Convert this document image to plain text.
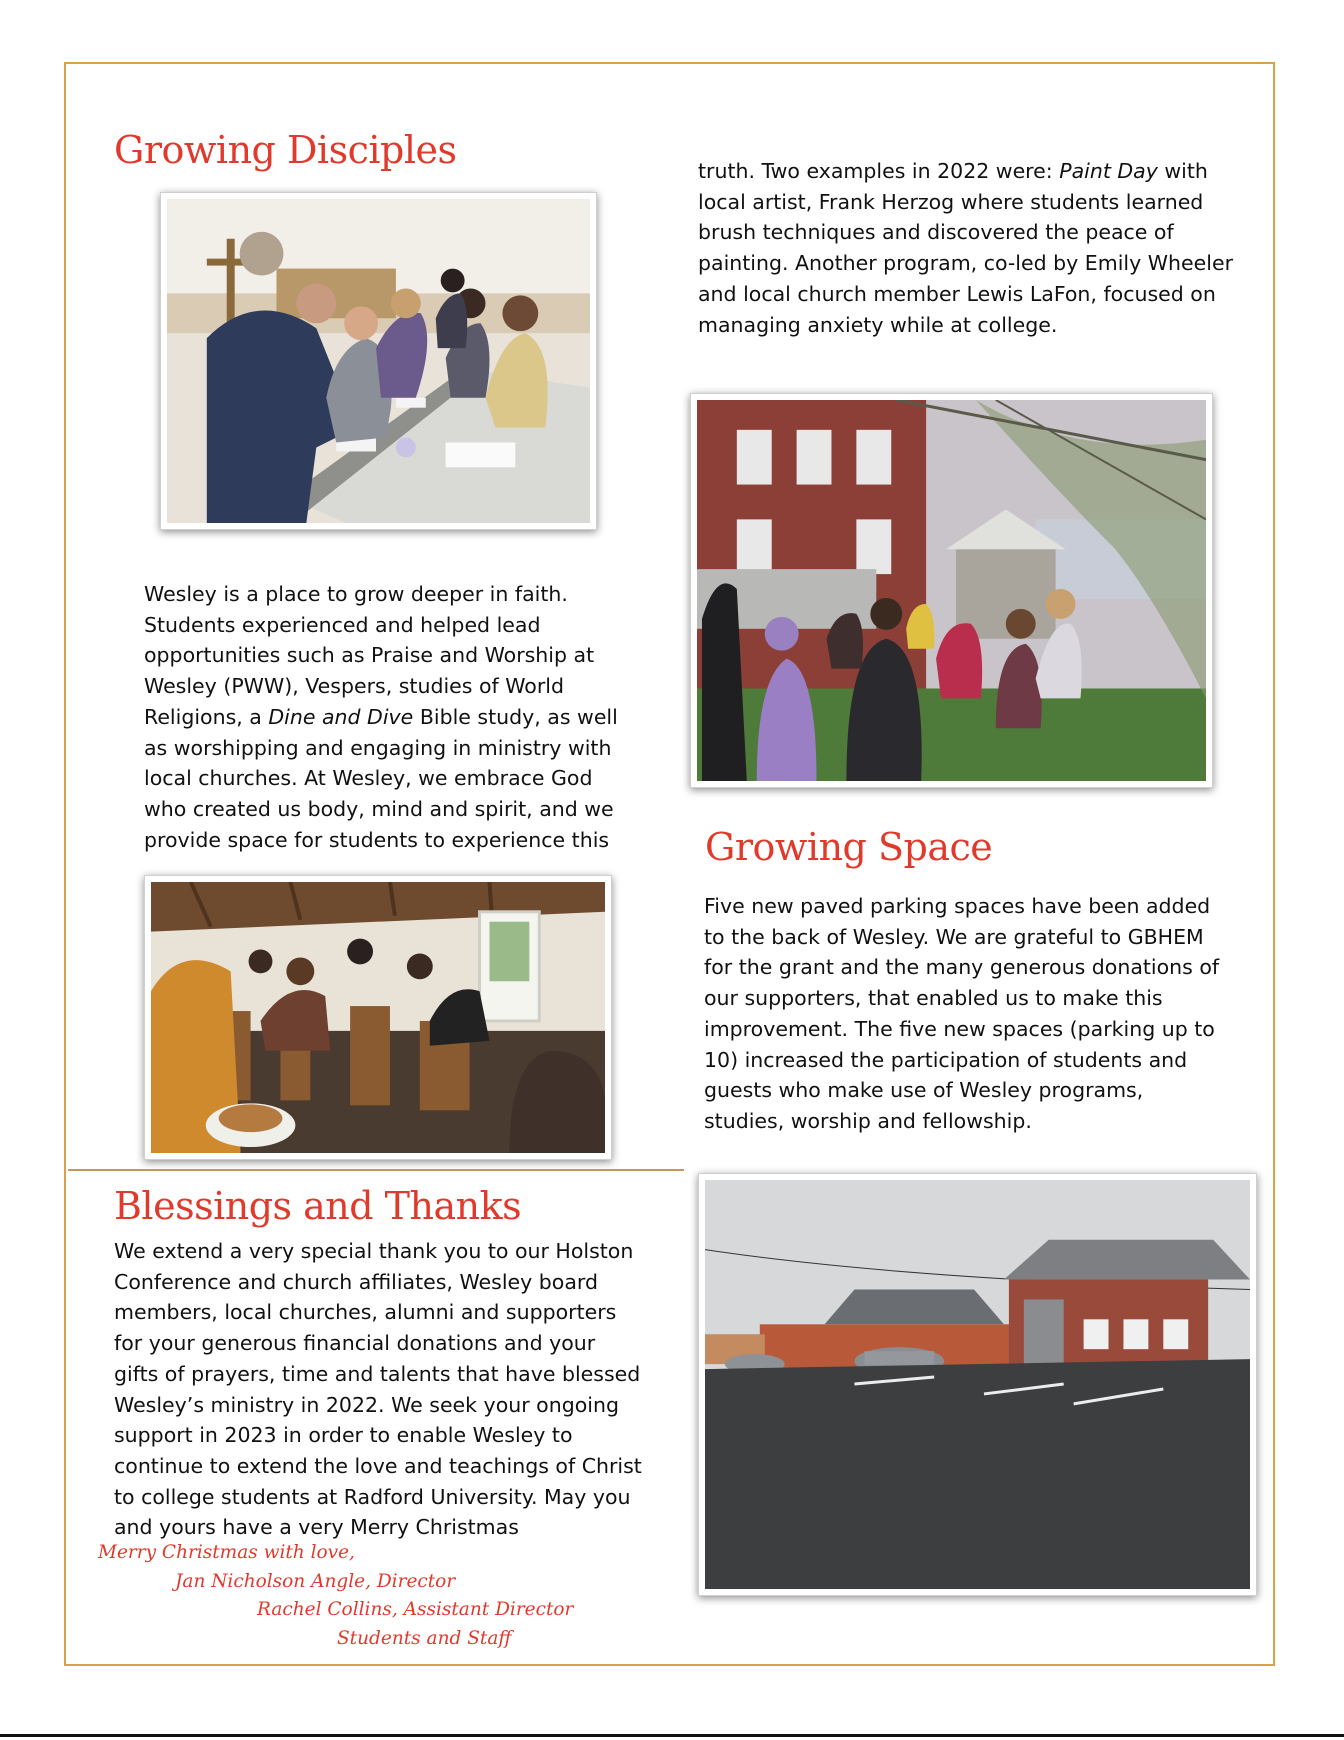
Growing Disciples

Wesley is a place to grow deeper in faith. Students experienced and helped lead opportunities such as Praise and Worship at Wesley (PWW), Vespers, studies of World Religions, a Dine and Dive Bible study, as well as worshipping and engaging in ministry with local churches. At Wesley, we embrace God who created us body, mind and spirit, and we provide space for students to experience this

truth. Two examples in 2022 were: Paint Day with local artist, Frank Herzog where students learned brush techniques and discovered the peace of painting. Another program, co-led by Emily Wheeler and local church member Lewis LaFon, focused on managing anxiety while at college.

Growing Space

Five new paved parking spaces have been added to the back of Wesley. We are grateful to GBHEM for the grant and the many generous donations of our supporters, that enabled us to make this improvement. The five new spaces (parking up to 10) increased the participation of students and guests who make use of Wesley programs, studies, worship and fellowship.

Blessings and Thanks

We extend a very special thank you to our Holston Conference and church affiliates, Wesley board members, local churches, alumni and supporters for your generous financial donations and your gifts of prayers, time and talents that have blessed Wesley’s ministry in 2022. We seek your ongoing support in 2023 in order to enable Wesley to continue to extend the love and teachings of Christ to college students at Radford University. May you and yours have a very Merry Christmas

Merry Christmas with love,

Jan Nicholson Angle, Director

Rachel Collins, Assistant Director

Students and Staff
